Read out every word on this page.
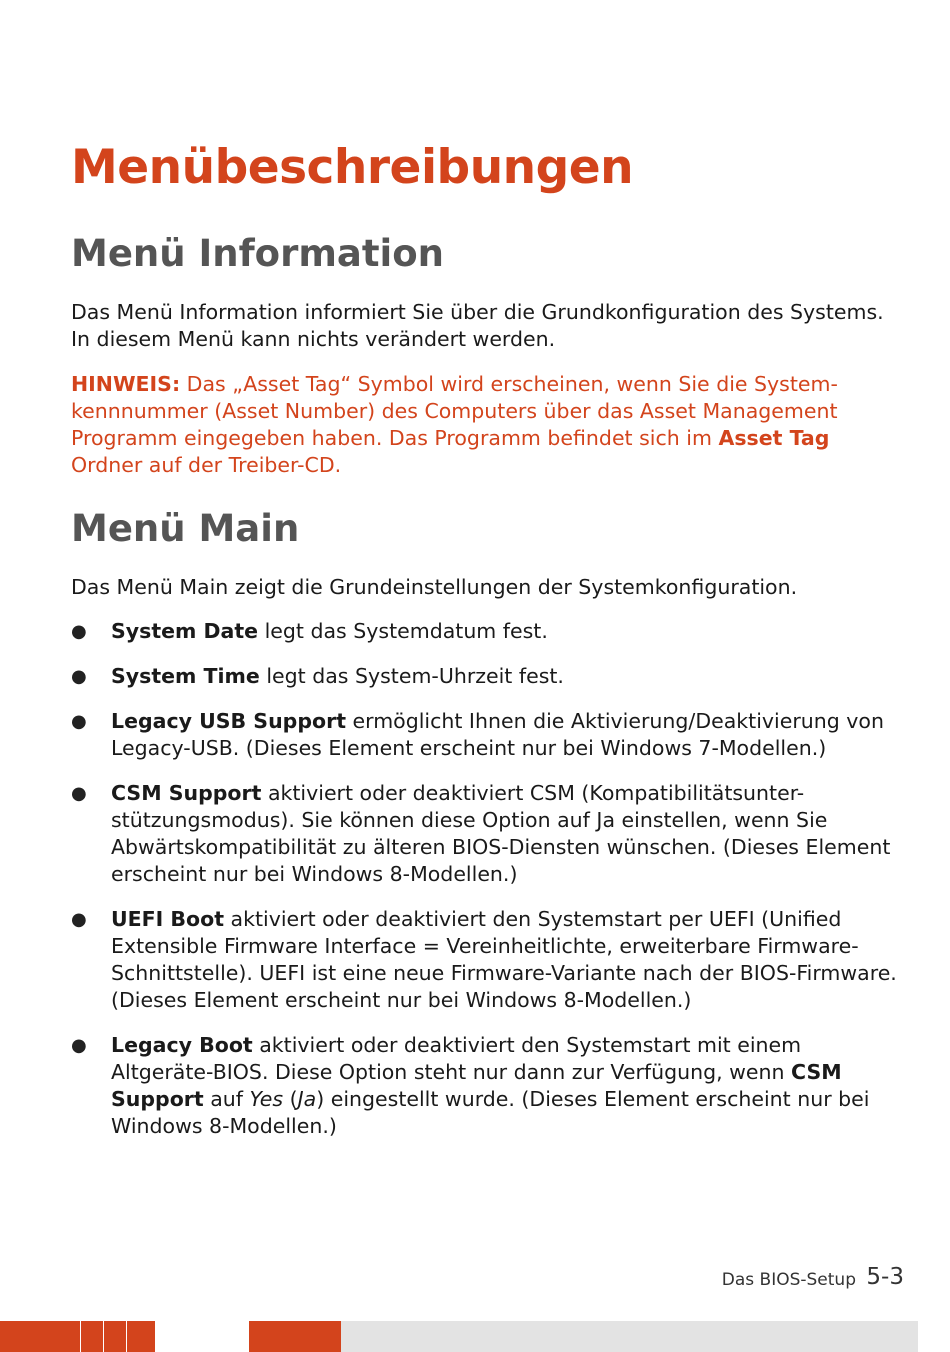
Menübeschreibungen
Menü Information

Das Menü Information informiert Sie über die Grundkonfiguration des Systems. In diesem Menü kann nichts verändert werden.

HINWEIS: Das „Asset Tag“ Symbol wird erscheinen, wenn Sie die System-kennnummer (Asset Number) des Computers über das Asset Management Programm eingegeben haben. Das Programm befindet sich im Asset Tag Ordner auf der Treiber-CD.

Menü Main

Das Menü Main zeigt die Grundeinstellungen der Systemkonfiguration.

● System Date legt das Systemdatum fest.
● System Time legt das System-Uhrzeit fest.
● Legacy USB Support ermöglicht Ihnen die Aktivierung/Deaktivierung von Legacy-USB. (Dieses Element erscheint nur bei Windows 7-Modellen.)
● CSM Support aktiviert oder deaktiviert CSM (Kompatibilitätsunter-stützungsmodus). Sie können diese Option auf Ja einstellen, wenn Sie Abwärtskompatibilität zu älteren BIOS-Diensten wünschen. (Dieses Element erscheint nur bei Windows 8-Modellen.)
● UEFI Boot aktiviert oder deaktiviert den Systemstart per UEFI (Unified Extensible Firmware Interface = Vereinheitlichte, erweiterbare Firmware-Schnittstelle). UEFI ist eine neue Firmware-Variante nach der BIOS-Firmware. (Dieses Element erscheint nur bei Windows 8-Modellen.)
● Legacy Boot aktiviert oder deaktiviert den Systemstart mit einem Altgeräte-BIOS. Diese Option steht nur dann zur Verfügung, wenn CSM Support auf Yes (Ja) eingestellt wurde. (Dieses Element erscheint nur bei Windows 8-Modellen.)
Das BIOS-Setup 5-3
